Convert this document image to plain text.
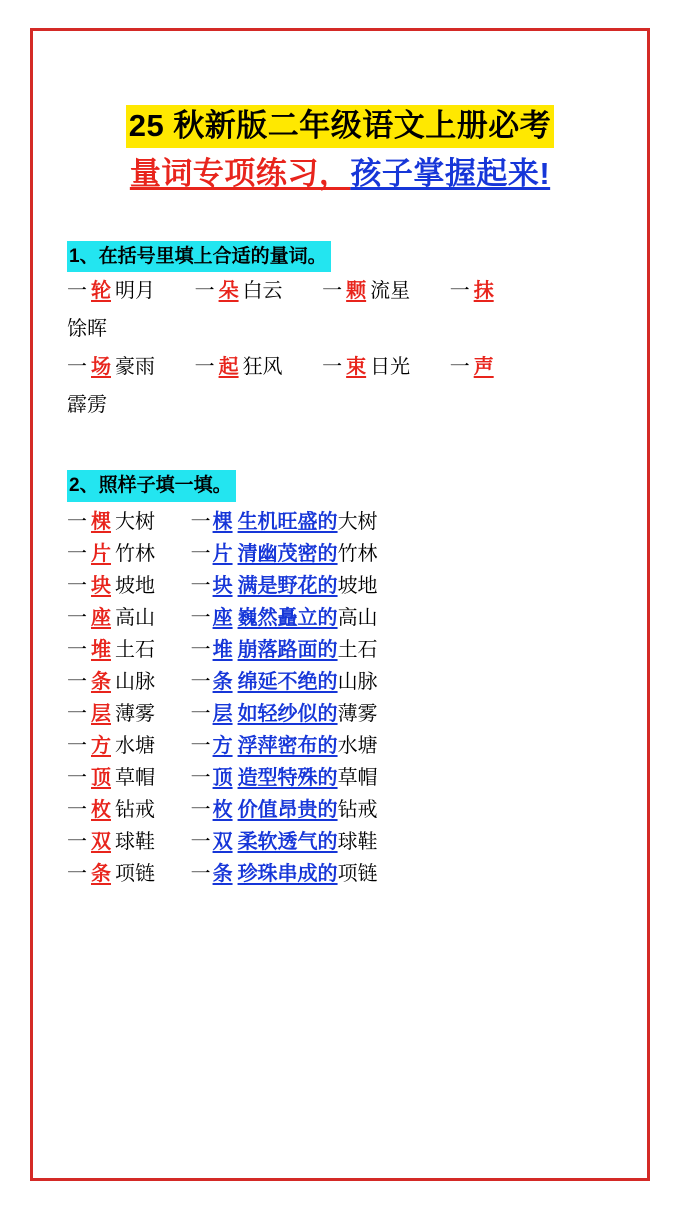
25 秋新版二年级语文上册必考
量词专项练习，孩子掌握起来!
1、在括号里填上合适的量词。
一 轮 明月 一 朵 白云 一 颗 流星 一 抹
馀晖
一 场 豪雨 一 起 狂风 一 束 日光 一 声
霹雳
2、照样子填一填。
一 棵 大树 一 棵 生机旺盛的大树
一 片 竹林 一 片 清幽茂密的竹林
一 块 坡地 一 块 满是野花的坡地
一 座 高山 一 座 巍然矗立的高山
一 堆 土石 一 堆 崩落路面的土石
一 条 山脉 一 条 绵延不绝的山脉
一 层 薄雾 一 层 如轻纱似的薄雾
一 方 水塘 一 方 浮萍密布的水塘
一 顶 草帽 一 顶 造型特殊的草帽
一 枚 钻戒 一 枚 价值昂贵的钻戒
一 双 球鞋 一 双 柔软透气的球鞋
一 条 项链 一 条 珍珠串成的项链
